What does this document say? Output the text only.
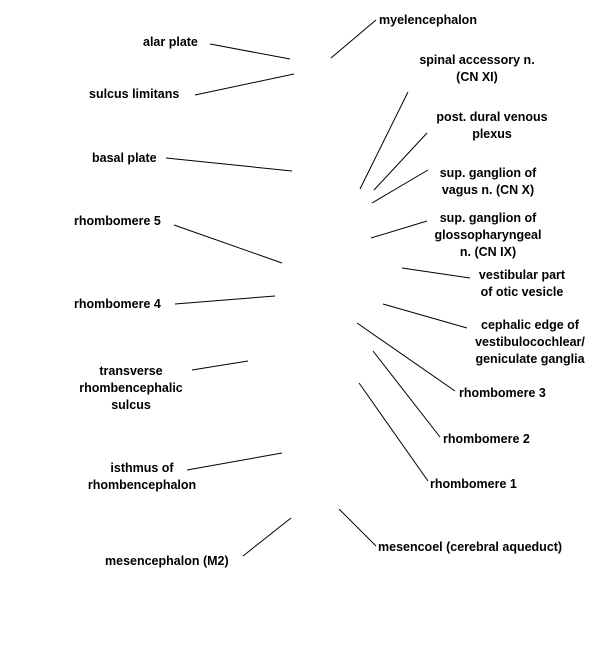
myelencephalon
alar plate
sulcus limitans
spinal accessory n.
(CN XI)
post. dural venous
plexus
basal plate
sup. ganglion of
vagus n. (CN X)
rhombomere 5	sup. ganglion of
glossopharyngeal
n. (CN IX)
vestibular part
of otic vesicle
rhombomere 4
cephalic edge of
vestibulocochlear/
geniculate ganglia
transverse
rhombencephalic
sulcus
rhombomere 3
rhombomere 2
isthmus of
rhombencephalon	rhombomere 1
mesencoel (cerebral aqueduct)
mesencephalon (M2)
